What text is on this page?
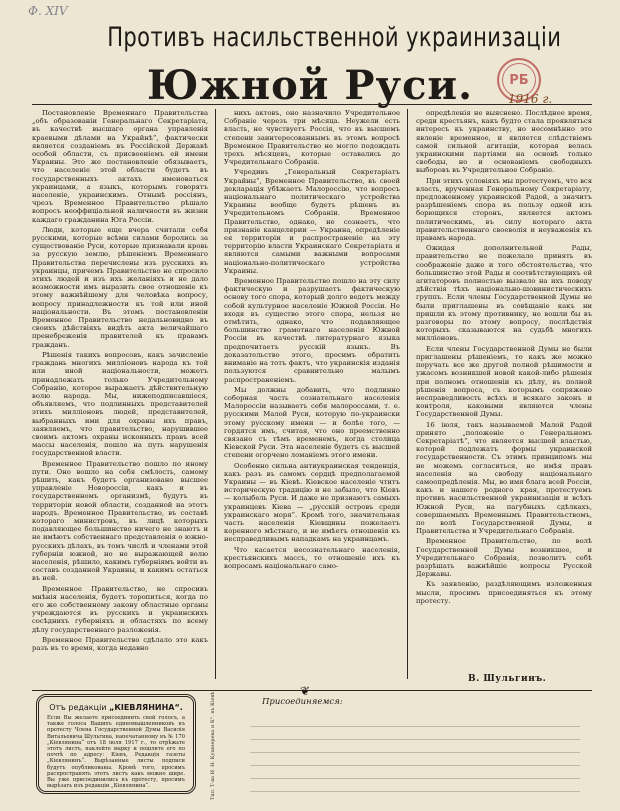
Ф. XIV
РБ
1916 г.
Противъ насильственной украинизаціи
Южной Руси.

Постановленіе Временнаго Правительства „объ образованіи Генеральнаго Секретаріата, въ качествѣ высшаго органа управленія краевыми дѣлами на Украйнѣ“, фактически является созданіемъ въ Россійской Державѣ особой области, съ присвоеніемъ ей имени Украины. Это же постановленіе обязываетъ, что населеніе этой области будетъ въ государственныхъ актахъ именоваться украинцами, а языкъ, которымъ говорятъ населеніе, украинскимъ. Отнынѣ россіянъ, чрезъ Временное Правительство рѣшало вопросъ неоффиціальной наличности въ жизни каждаго гражданина Юга Россіи.

Люди, которые еще вчера считали себя русскими, которые всѣми силами боролись за существованіе Руси, которые признавали кровь за русскую землю, рѣшеніемъ Временнаго Правительства перечислены изъ русскихъ въ украинцы, причемъ Правительство не спросило этихъ людей и изъ ихъ желаніяхъ и не дало возможности имъ выразить свое отношеніе къ этому важнѣйшему для человѣка вопросу, вопросу принадлежности къ той или иной національности. Въ этомъ постановленіи Временное Правительство недальновидно въ своихъ дѣйствіяхъ видѣть акта величайшаго пренебреженія правителей къ правамъ гражданъ.

Рѣшенія такихъ вопросовъ, какъ зачисленіе граждань многихъ милліоновъ народа къ той или иной національности, можетъ принадлежать только Учредительному Собранію, которое выражаетъ дѣйствительную волю народа. Мы, нижеподписавшіеся, объявляемъ, что подлинныхъ представителей этихъ милліоновъ людей, представителей, выбранныхъ ими для охраны ихъ правъ, заявляемъ, что правительство, нарушившее своимъ актомъ охраны исконныхъ правъ всей массы населенія, пошло на путь нарушенія государственной власти.

Временное Правительство пошло по иному пути. Оно вошло на себя смѣлость, самому рѣшить, какъ будетъ организовано высшее управленіе Новороссіи, какъ и въ государственномъ организмѣ, будутъ въ территоріи новой области, созданной на этотъ народъ. Временное Правительство, въ составѣ котораго министровъ, въ лицѣ которыхъ подавляющее большинство ничего не знаютъ и не имѣютъ собственнаго представленія о южно-русскихъ дѣлахъ, въ томъ числѣ и членами этой губерніи южной, но не выражающей волю населенія, рѣшило, какимъ губерніямъ войти въ составъ созданной Украины, и какимъ остаться въ ней.

Временное Правительство, не спросивъ мнѣнія населенія, будетъ торопиться, когда по его же собственному закону областные органы учреждаются въ русскихъ и украинскихъ сосѣднихъ губерніяхъ и областяхъ по всему дѣлу государственнаго разложенія.

Временное Правительство сдѣлало это какъ разъ въ то время, когда недавно

нихъ актовъ, оно назначило Учредительное Собраніе черезъ три мѣсяца. Неужели есть власть, не чувствуетъ Россія, что въ высшемъ степени заинтересованнымъ въ этомъ вопросѣ Временное Правительство не могло подождать трехъ мѣсяцевъ, которые оставались до Учредительнаго Собранія.

Учредивъ „Генеральный Секретаріатъ Украйны“, Временное Правительство, въ своей декларація убѣжаетъ Малороссію, что вопросъ національнаго политическаго устройства Украины вообще будетъ рѣшенъ въ Учредительномъ Собраніи. Временное Правительство, однако, не сознаетъ, что признаніе канцелярии — Украина, опредѣленіе ея территоріи и распространеніе на эту территорію власти Украинскаго Секретаріата и являются самыми важными вопросами національно-политическаго устройства Украины.

Временное Правительство пошло на эту силу фактическую и разрушаетъ фактическую основу того спора, который долго ведетъ между собой культурное населеніе Южной Россіи. Не входя въ существо этого спора, нельзя не отмѣтить, однако, что подавляющее большинство грамотнаго населенія Южной Россіи въ качествѣ литературнаго языка предпочитаетъ русскій языкъ. Въ доказательство этого, просимъ обратить вниманіе на тотъ фактъ, что украинскія изданія пользуются сравнительно малымъ распространеніемъ.

Мы должны добавить, что подлинно соборная часть сознательнаго населенія Малороссіи называетъ себя малороссами, т. е. русскими Малой Руси, которую по-украински этому русскому имени — и болѣе того, — гордятся имъ, считая, что оно преемственно связано съ тѣмъ временемъ, когда столица Кіевской Руси. Эта населеніе будетъ съ высшей степени огорчено ломаніемъ этого имени.

Особенно сильна антиукраинская тенденція, какъ разъ въ самомъ сердцѣ предполагаемой Украины — въ Кіевѣ. Кіевское населеніе чтитъ историческую традицію и не забыло, что Кіевъ — колыбель Руси. И даже не признаютъ самыхъ украинцевъ Кіева — „русскій островъ среди украинскаго моря“. Кромѣ того, значительная часть населенія Кіевщины пожелаетъ коренного мѣстнаго, и не имѣетъ отношенія къ несправедливымъ нападкамъ на украинцамъ.

Что касается несознательнаго населенія, крестьянскихъ массъ, то отношеніе ихъ къ вопросамъ національнаго само-

опредѣленія не выяснено. Послѣднее время, среди крестьянъ, какъ будто стала проявляться интересъ къ украинству, но несомнѣнно это явленіе временное, и является слѣдствіемъ самой сильной агитаціи, которая велась украинскими партіями на основѣ только свободы, но и основаніемъ свободныхъ выборовъ въ Учредительное Собраніе.

При этихъ условіяхъ мы протестуемъ, что вся власть, врученная Генеральному Секретаріату, предложенному украинской Радой, а значитъ разрѣшеніемъ спора въ пользу одной изъ борющихся сторонъ, является актомъ политическимъ, въ силу котораго акта правительственнаго своеволія и неуваженія къ правамъ народа.

Ожидая дополнительной Рады, правительство не пожелало принять въ соображеніе даже и того обстоятельства, что большинство этой Рады и соотвѣтствующихъ ей агитаторовъ полностью вызвало на ихъ поводу дѣйствія тѣхъ національно-шовинистическихъ группъ. Если члены Государственной Думы не были приглашены въ совѣщаніе какъ ни пришли къ этому противнику, не вошли бы въ разговоры по этому вопросу, послѣдствія которыхъ сказываются на судьбѣ многихъ милліоновъ.

Если члены Государственной Думы не были приглашены рѣшеніемъ, то какъ же можно поручать все же другой полной рѣшимости и ужасомъ возникшей новой какой-либо рѣшенія при полномъ отношеніи къ дѣлу, въ полной рѣшенія вопроса, съ которымъ сопряжено несправедливость всѣхъ и всякаго законъ и контроля, каковыми являются члены Государственной Думы.

16 іюля, такъ называемой Малой Радой принято „положеніе о Генеральномъ Секретаріатѣ“, что является высшей властью, которой подлежатъ формы украинской государственности. Съ этимъ принципомъ мы не можемъ согласиться, не имѣя правъ населенія на свободу національнаго самоопредѣленія. Мы, во имя блага всей Россіи, какъ и нашего родного края, протестуемъ противъ насильственной украинизаціи и всѣхъ Южной Руси, на пагубныхъ сдѣлкахъ, совершаемыхъ Временнымъ Правительствомъ, по волѣ Государственной Думы, и Правительства и Учредительнаго Собранія.

Временное Правительство, по волѣ Государственной Думы возникшее, и Учредительнаго Собранія, позволитъ себѣ разрѣшать важнѣйшіе вопросы Русской Державы.

Къ заявленію, раздѣляющимъ изложенныя мысли, просимъ присоединяться къ этому протесту.

В. Шульгинъ.
❦
Отъ редакціи „КІЕВЛЯНИНА“.
Если Вы желаете присоединить свой голосъ, а также голоса Вашихъ единомышленниковъ къ протесту Члена Государственной Думы Василія Витальевича Шульгина, напечатанному въ № 170 „Кіевлянина“ отъ 18 іюля 1917 г., то отрѣжьте этотъ листъ, наклейте марку и пошлите его по почтѣ по адресу: Кіевъ, Редакція газеты „Кіевлянинъ“. Вырѣзанные листы подписи будутъ опубликованы. Кромѣ того, просимъ распространять этотъ листъ какъ можно шире. Вы уже присоединились къ протесту, просимъ вырѣзать изъ редакціи „Кіевлянина“.	Тип. Т-ва И. Н. Кушнерева и К°. въ Кіевѣ	Присоединяемся:
